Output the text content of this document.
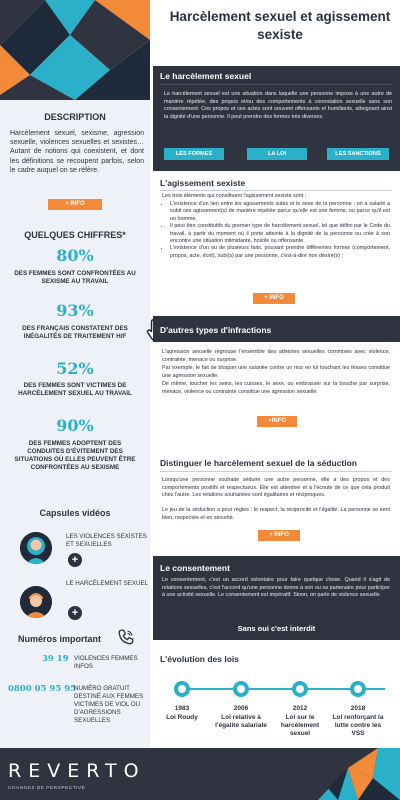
DESCRIPTION
Harcèlement sexuel, sexisme, agression sexuelle, violences sexuelles et sexistes… Autant de notions qui coexistent, et dont les définitions se recoupent parfois, selon le cadre auquel on se réfère.
+ INFO
QUELQUES CHIFFRES*
80%
DES FEMMES SONT CONFRONTÉES AU SEXISME AU TRAVAIL
93%
DES FRANÇAIS CONSTATENT DES INÉGALITÉS DE TRAITEMENT H/F
52%
DES FEMMES SONT VICTIMES DE HARCÈLEMENT SEXUEL AU TRAVAIL
90%
DES FEMMES ADOPTENT DES CONDUITES D'ÉVITEMENT DES SITUATIONS OÙ ELLES PEUVENT ÊTRE CONFRONTÉES AU SEXISME
Capsules vidéos
LES VIOLENCES SEXISTES ET SEXUELLES
+
LE HARCÈLEMENT SEXUEL
+
Numéros important
39 19 VIOLENCES FEMMES INFOS
0800 05 95 95
NUMÉRO GRATUIT DESTINÉ AUX FEMMES VICTIMES DE VIOL OU D'AGRESSIONS SEXUELLES
Harcèlement sexuel et agissement sexiste
Le harcèlement sexuel
Le harcèlement sexuel est une situation dans laquelle une personne impose à une autre de manière répétée, des propos et/ou des comportements à connotation sexuelle sans son consentement. Ces propos et ces actes sont souvent offensants et humiliants, atteignant ainsi la dignité d'une personne. Il peut prendre des formes très diverses.
LES FORMES	LA LOI	LES SANCTIONS
L'agissement sexiste
Les trois éléments qui constituent l'agissement sexiste sont :
• L'existence d'un lien entre les agissements subis et le sexe de la personne : on a salarié a subit ces agissement(s) de manière répétée parce qu'elle est une femme, ou parce qu'il est un homme.
• Il peut être constitutifs du premier type de harcèlement sexuel, tel que défini par le Code du travail, à partir du moment où il porte atteinte à la dignité de la personne ou crée à son encontre une situation intimidante, hostile ou offensante.
• L'existence d'un ou de plusieurs faits, pouvant prendre différentes formes (comportement, propos, acte, écrit), subi(s) par une personne, c'est-à-dire non désiré(s) ;
+ INFO
D'autres types d'infractions
L'agression sexuelle regroupe l'ensemble des atteintes sexuelles commises avec violence, contrainte, menace ou surprise.
Par exemple, le fait de bloquer une salariée contre un mur en lui touchant les fesses constitue une agression sexuelle.
De même, toucher les seins, les cuisses, le sexe, ou embrasser sur la bouche par surprise, menace, violence ou contrainte constitue une agression sexuelle.
+INFO
Distinguer le harcèlement sexuel de la séduction
Lorsqu'une personne souhaite séduire une autre personne, elle a des propos et des comportements positifs et respectueux. Elle est attentive et à l'écoute de ce que cela produit chez l'autre. Les relations souhaitées sont égalitaires et réciproques.
Le jeu de la séduction a pour règles : le respect, la réciprocité et l'égalité. La personne se sent bien, respectée et en sécurité.
+ INFO
Le consentement
Le consentement, c'est un accord volontaire pour faire quelque chose. Quand il s'agit de relations sexuelles, c'est l'accord qu'une personne donne à son ou sa partenaire pour participer à une activité sexuelle. Le consentement est impératif. Sinon, on parle de violence sexuelle.
Sans oui c'est interdit
L'évolution des lois
1983
Loi Roudy
2006
Loi relative à l'égalité salariale
2012
Loi sur le harcèlement sexuel
2018
Loi renforçant la lutte contre les VSS
REVERTO
CHANGEZ DE PERSPECTIVE
